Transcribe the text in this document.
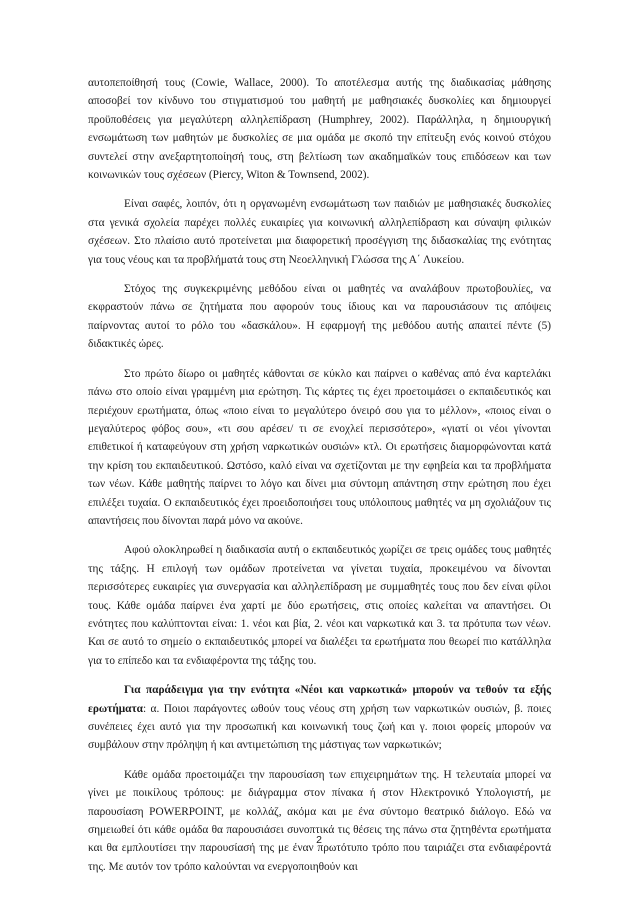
αυτοπεποίθησή τους (Cowie, Wallace, 2000). Το αποτέλεσμα αυτής της διαδικασίας μάθησης αποσοβεί τον κίνδυνο του στιγματισμού του μαθητή με μαθησιακές δυσκολίες και δημιουργεί προϋποθέσεις για μεγαλύτερη αλληλεπίδραση (Humphrey, 2002). Παράλληλα, η δημιουργική ενσωμάτωση των μαθητών με δυσκολίες σε μια ομάδα με σκοπό την επίτευξη ενός κοινού στόχου συντελεί στην ανεξαρτητοποίησή τους, στη βελτίωση των ακαδημαϊκών τους επιδόσεων και των κοινωνικών τους σχέσεων (Piercy, Witon & Townsend, 2002).

Είναι σαφές, λοιπόν, ότι η οργανωμένη ενσωμάτωση των παιδιών με μαθησιακές δυσκολίες στα γενικά σχολεία παρέχει πολλές ευκαιρίες για κοινωνική αλληλεπίδραση και σύναψη φιλικών σχέσεων. Στο πλαίσιο αυτό προτείνεται μια διαφορετική προσέγγιση της διδασκαλίας της ενότητας για τους νέους και τα προβλήματά τους στη Νεοελληνική Γλώσσα της Α΄ Λυκείου.

Στόχος της συγκεκριμένης μεθόδου είναι οι μαθητές να αναλάβουν πρωτοβουλίες, να εκφραστούν πάνω σε ζητήματα που αφορούν τους ίδιους και να παρουσιάσουν τις απόψεις παίρνοντας αυτοί το ρόλο του «δασκάλου». Η εφαρμογή της μεθόδου αυτής απαιτεί πέντε (5) διδακτικές ώρες.

Στο πρώτο δίωρο οι μαθητές κάθονται σε κύκλο και παίρνει ο καθένας από ένα καρτελάκι πάνω στο οποίο είναι γραμμένη μια ερώτηση. Τις κάρτες τις έχει προετοιμάσει ο εκπαιδευτικός και περιέχουν ερωτήματα, όπως «ποιο είναι το μεγαλύτερο όνειρό σου για το μέλλον», «ποιος είναι ο μεγαλύτερος φόβος σου», «τι σου αρέσει/ τι σε ενοχλεί περισσότερο», «γιατί οι νέοι γίνονται επιθετικοί ή καταφεύγουν στη χρήση ναρκωτικών ουσιών» κτλ. Οι ερωτήσεις διαμορφώνονται κατά την κρίση του εκπαιδευτικού. Ωστόσο, καλό είναι να σχετίζονται με την εφηβεία και τα προβλήματα των νέων. Κάθε μαθητής παίρνει το λόγο και δίνει μια σύντομη απάντηση στην ερώτηση που έχει επιλέξει τυχαία. Ο εκπαιδευτικός έχει προειδοποιήσει τους υπόλοιπους μαθητές να μη σχολιάζουν τις απαντήσεις που δίνονται παρά μόνο να ακούνε.

Αφού ολοκληρωθεί η διαδικασία αυτή ο εκπαιδευτικός χωρίζει σε τρεις ομάδες τους μαθητές της τάξης. Η επιλογή των ομάδων προτείνεται να γίνεται τυχαία, προκειμένου να δίνονται περισσότερες ευκαιρίες για συνεργασία και αλληλεπίδραση με συμμαθητές τους που δεν είναι φίλοι τους. Κάθε ομάδα παίρνει ένα χαρτί με δύο ερωτήσεις, στις οποίες καλείται να απαντήσει. Οι ενότητες που καλύπτονται είναι: 1. νέοι και βία, 2. νέοι και ναρκωτικά και 3. τα πρότυπα των νέων. Και σε αυτό το σημείο ο εκπαιδευτικός μπορεί να διαλέξει τα ερωτήματα που θεωρεί πιο κατάλληλα για το επίπεδο και τα ενδιαφέροντα της τάξης του.

Για παράδειγμα για την ενότητα «Νέοι και ναρκωτικά» μπορούν να τεθούν τα εξής ερωτήματα: α. Ποιοι παράγοντες ωθούν τους νέους στη χρήση των ναρκωτικών ουσιών, β. ποιες συνέπειες έχει αυτό για την προσωπική και κοινωνική τους ζωή και γ. ποιοι φορείς μπορούν να συμβάλουν στην πρόληψη ή και αντιμετώπιση της μάστιγας των ναρκωτικών;

Κάθε ομάδα προετοιμάζει την παρουσίαση των επιχειρημάτων της. Η τελευταία μπορεί να γίνει με ποικίλους τρόπους: με διάγραμμα στον πίνακα ή στον Ηλεκτρονικό Υπολογιστή, με παρουσίαση POWERPOINT, με κολλάζ, ακόμα και με ένα σύντομο θεατρικό διάλογο. Εδώ να σημειωθεί ότι κάθε ομάδα θα παρουσιάσει συνοπτικά τις θέσεις της πάνω στα ζητηθέντα ερωτήματα και θα εμπλουτίσει την παρουσίασή της με έναν πρωτότυπο τρόπο που ταιριάζει στα ενδιαφέροντά της. Με αυτόν τον τρόπο καλούνται να ενεργοποιηθούν και

2
